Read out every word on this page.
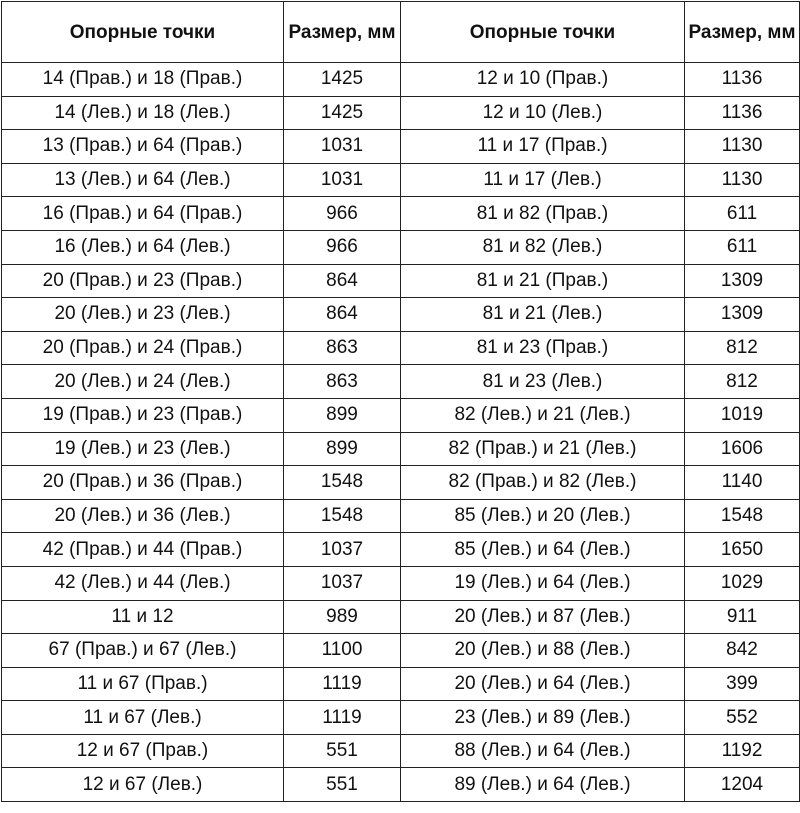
Опорные точки	Размер, мм	Опорные точки	Размер, мм
14 (Прав.) и 18 (Прав.)	1425	12 и 10 (Прав.)	1136
14 (Лев.) и 18 (Лев.)	1425	12 и 10 (Лев.)	1136
13 (Прав.) и 64 (Прав.)	1031	11 и 17 (Прав.)	1130
13 (Лев.) и 64 (Лев.)	1031	11 и 17 (Лев.)	1130
16 (Прав.) и 64 (Прав.)	966	81 и 82 (Прав.)	611
16 (Лев.) и 64 (Лев.)	966	81 и 82 (Лев.)	611
20 (Прав.) и 23 (Прав.)	864	81 и 21 (Прав.)	1309
20 (Лев.) и 23 (Лев.)	864	81 и 21 (Лев.)	1309
20 (Прав.) и 24 (Прав.)	863	81 и 23 (Прав.)	812
20 (Лев.) и 24 (Лев.)	863	81 и 23 (Лев.)	812
19 (Прав.) и 23 (Прав.)	899	82 (Лев.) и 21 (Лев.)	1019
19 (Лев.) и 23 (Лев.)	899	82 (Прав.) и 21 (Лев.)	1606
20 (Прав.) и 36 (Прав.)	1548	82 (Прав.) и 82 (Лев.)	1140
20 (Лев.) и 36 (Лев.)	1548	85 (Лев.) и 20 (Лев.)	1548
42 (Прав.) и 44 (Прав.)	1037	85 (Лев.) и 64 (Лев.)	1650
42 (Лев.) и 44 (Лев.)	1037	19 (Лев.) и 64 (Лев.)	1029
11 и 12	989	20 (Лев.) и 87 (Лев.)	911
67 (Прав.) и 67 (Лев.)	1100	20 (Лев.) и 88 (Лев.)	842
11 и 67 (Прав.)	1119	20 (Лев.) и 64 (Лев.)	399
11 и 67 (Лев.)	1119	23 (Лев.) и 89 (Лев.)	552
12 и 67 (Прав.)	551	88 (Лев.) и 64 (Лев.)	1192
12 и 67 (Лев.)	551	89 (Лев.) и 64 (Лев.)	1204
